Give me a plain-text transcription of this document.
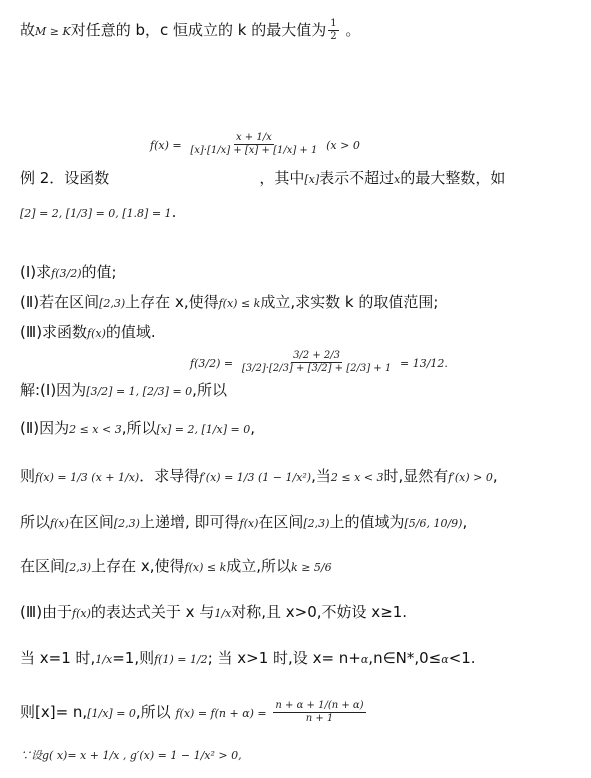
故M ≥ K对任意的 b，c 恒成立的 k 的最大值为 $\frac{1}{2}$ 。
$f(x) = \frac{x + 1/x}{[x]\cdot[1/x] + [x] + [1/x] + 1} (x > 0$
例 2．设函数	，其中[x]表示不超过x的最大整数，如
[2] = 2, [1/3] = 0, [1.8] = 1.
(Ⅰ)求f(3/2)的值;
(Ⅱ)若在区间[2,3)上存在 x,使得f(x) ≤ k成立,求实数 k 的取值范围;
(Ⅲ)求函数f(x)的值域.
$f(3/2) = \frac{3/2 + 2/3}{[3/2]\cdot[2/3] + [3/2] + [2/3] + 1} = 13/12$.
解:(Ⅰ)因为[3/2] = 1, [2/3] = 0,所以
(Ⅱ)因为2 ≤ x < 3,所以[x] = 2, [1/x] = 0,
则f(x) = 1/3 (x + 1/x)．求导得f′(x) = 1/3 (1 − 1/x²),当2 ≤ x < 3时,显然有f′(x) > 0,
所以f(x)在区间[2,3)上递增, 即可得f(x)在区间[2,3)上的值域为[5/6, 10/9),
在区间[2,3)上存在 x,使得f(x) ≤ k成立,所以k ≥ 5/6
(Ⅲ)由于f(x)的表达式关于 x 与1/x对称,且 x>0,不妨设 x≥1.
当 x=1 时,1/x=1,则f(1) = 1/2; 当 x>1 时,设 x= n+α,n∈N*,0≤α<1.
则[x]= n,[1/x] = 0,所以 $f(x) = f(n + \alpha) = \frac{n + \alpha + 1/(n + \alpha)}{n + 1}$
∵设g( x)= x + 1/x , g′(x) = 1 − 1/x² > 0,
